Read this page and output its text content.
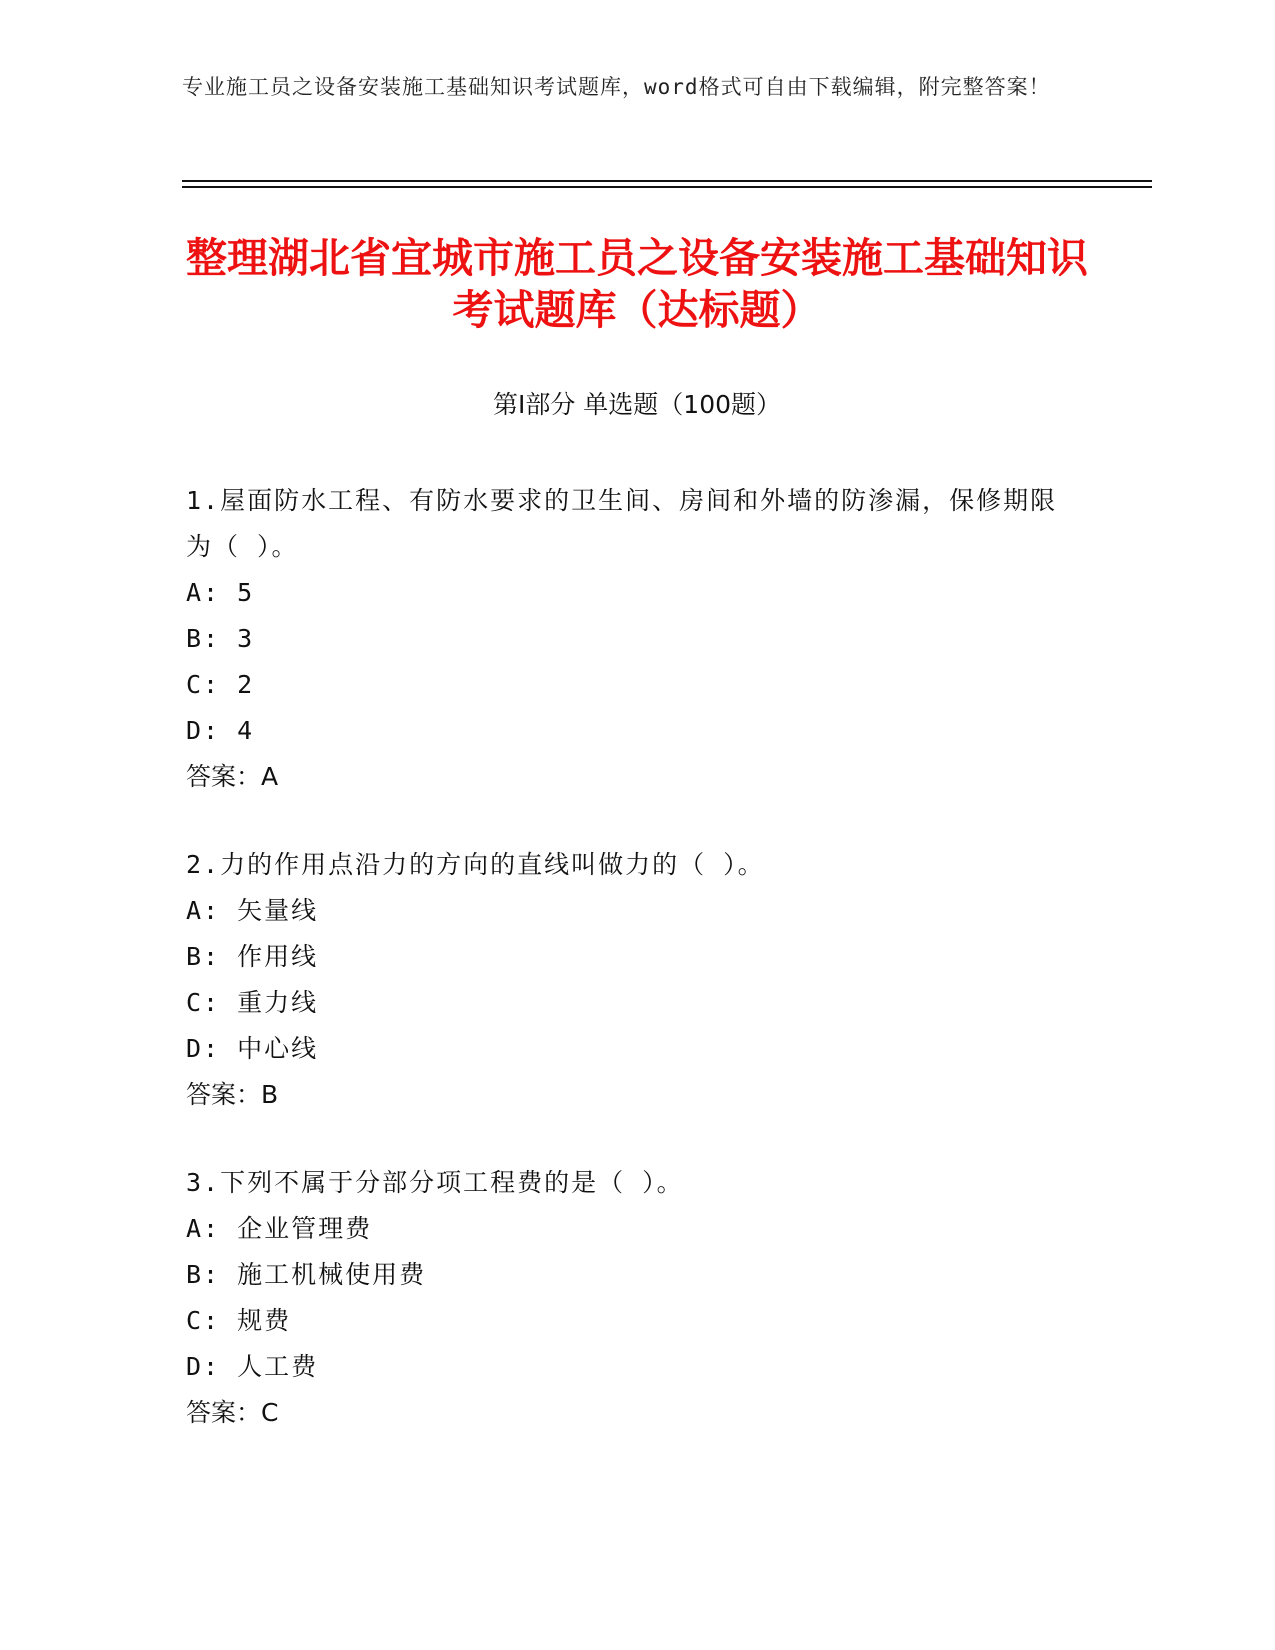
专业施工员之设备安装施工基础知识考试题库，word格式可自由下载编辑，附完整答案！
整理湖北省宜城市施工员之设备安装施工基础知识考试题库（达标题）
第I部分 单选题（100题）

1.屋面防水工程、有防水要求的卫生间、房间和外墙的防渗漏，保修期限为（ ）。

A: 5

B: 3

C: 2

D: 4

答案：A

2.力的作用点沿力的方向的直线叫做力的（ ）。

A: 矢量线

B: 作用线

C: 重力线

D: 中心线

答案：B

3.下列不属于分部分项工程费的是（ ）。

A: 企业管理费

B: 施工机械使用费

C: 规费

D: 人工费

答案：C
